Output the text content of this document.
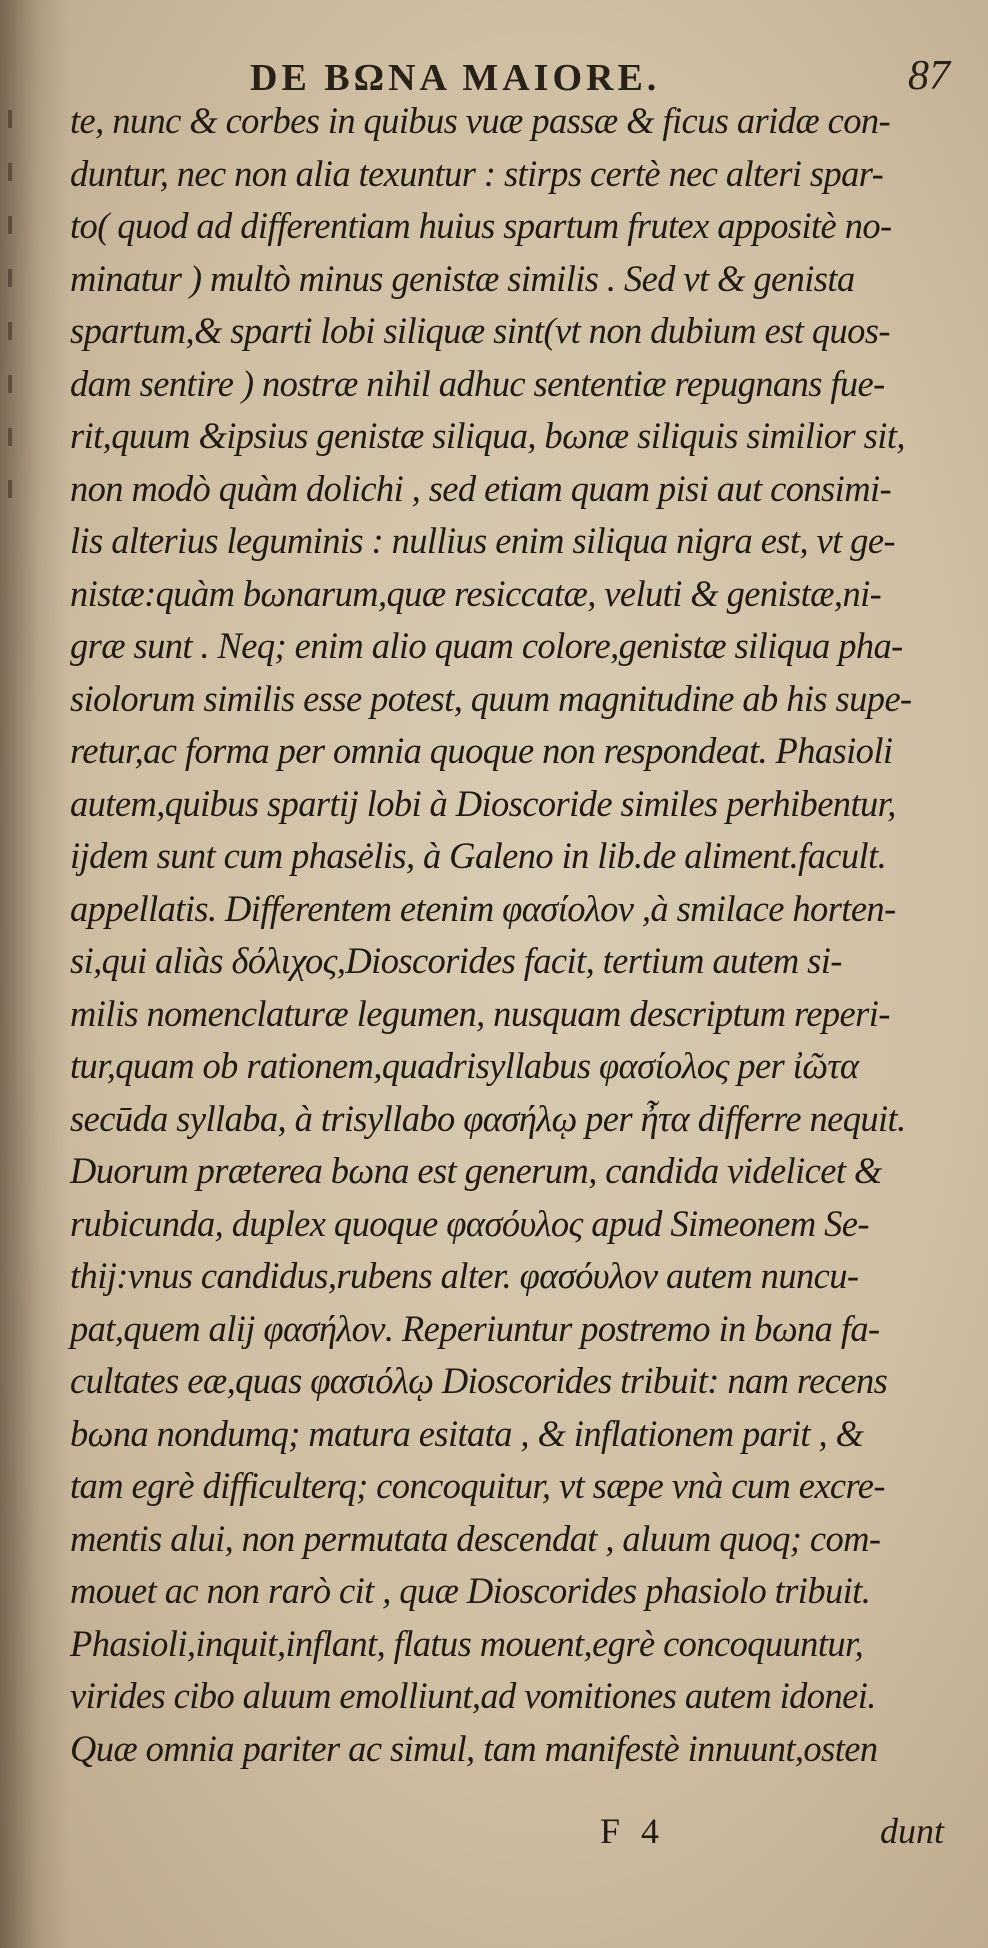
DE BΩNA MAIORE.	87
te, nunc & corbes in quibus vuæ passæ & ficus aridæ con-
duntur, nec non alia texuntur : stirps certè nec alteri spar-
to( quod ad differentiam huius spartum frutex appositè no-
minatur ) multò minus genistæ similis . Sed vt & genista
spartum,& sparti lobi siliquæ sint(vt non dubium est quos-
dam sentire ) nostræ nihil adhuc sententiæ repugnans fue-
rit,quum &ipsius genistæ siliqua, bωnæ siliquis similior sit,
non modò quàm dolichi , sed etiam quam pisi aut consimi-
lis alterius leguminis : nullius enim siliqua nigra est, vt ge-
nistæ:quàm bωnarum,quæ resiccatæ, veluti & genistæ,ni-
græ sunt . Neq; enim alio quam colore,genistæ siliqua pha-
siolorum similis esse potest, quum magnitudine ab his supe-
retur,ac forma per omnia quoque non respondeat. Phasioli
autem,quibus spartij lobi à Dioscoride similes perhibentur,
ijdem sunt cum phasėlis, à Galeno in lib.de aliment.facult.
appellatis. Differentem etenim φασίολον ,à smilace horten-
si,qui aliàs δόλιχος,Dioscorides facit, tertium autem si-
milis nomenclaturæ legumen, nusquam descriptum reperi-
tur,quam ob rationem,quadrisyllabus φασίολος per ἰῶτα
secūda syllaba, à trisyllabo φασήλῳ per ἦτα differre nequit.
Duorum præterea bωna est generum, candida videlicet &
rubicunda, duplex quoque φασόυλος apud Simeonem Se-
thij:vnus candidus,rubens alter. φασόυλον autem nuncu-
pat,quem alij φασήλον. Reperiuntur postremo in bωna fa-
cultates eæ,quas φασιόλῳ Dioscorides tribuit: nam recens
bωna nondumq; matura esitata , & inflationem parit , &
tam egrè difficulterq; concoquitur, vt sæpe vnà cum excre-
mentis alui, non permutata descendat , aluum quoq; com-
mouet ac non rarò cit , quæ Dioscorides phasiolo tribuit.
Phasioli,inquit,inflant, flatus mouent,egrè concoquuntur,
virides cibo aluum emolliunt,ad vomitiones autem idonei.
Quæ omnia pariter ac simul, tam manifestè innuunt,osten
F 4	dunt
